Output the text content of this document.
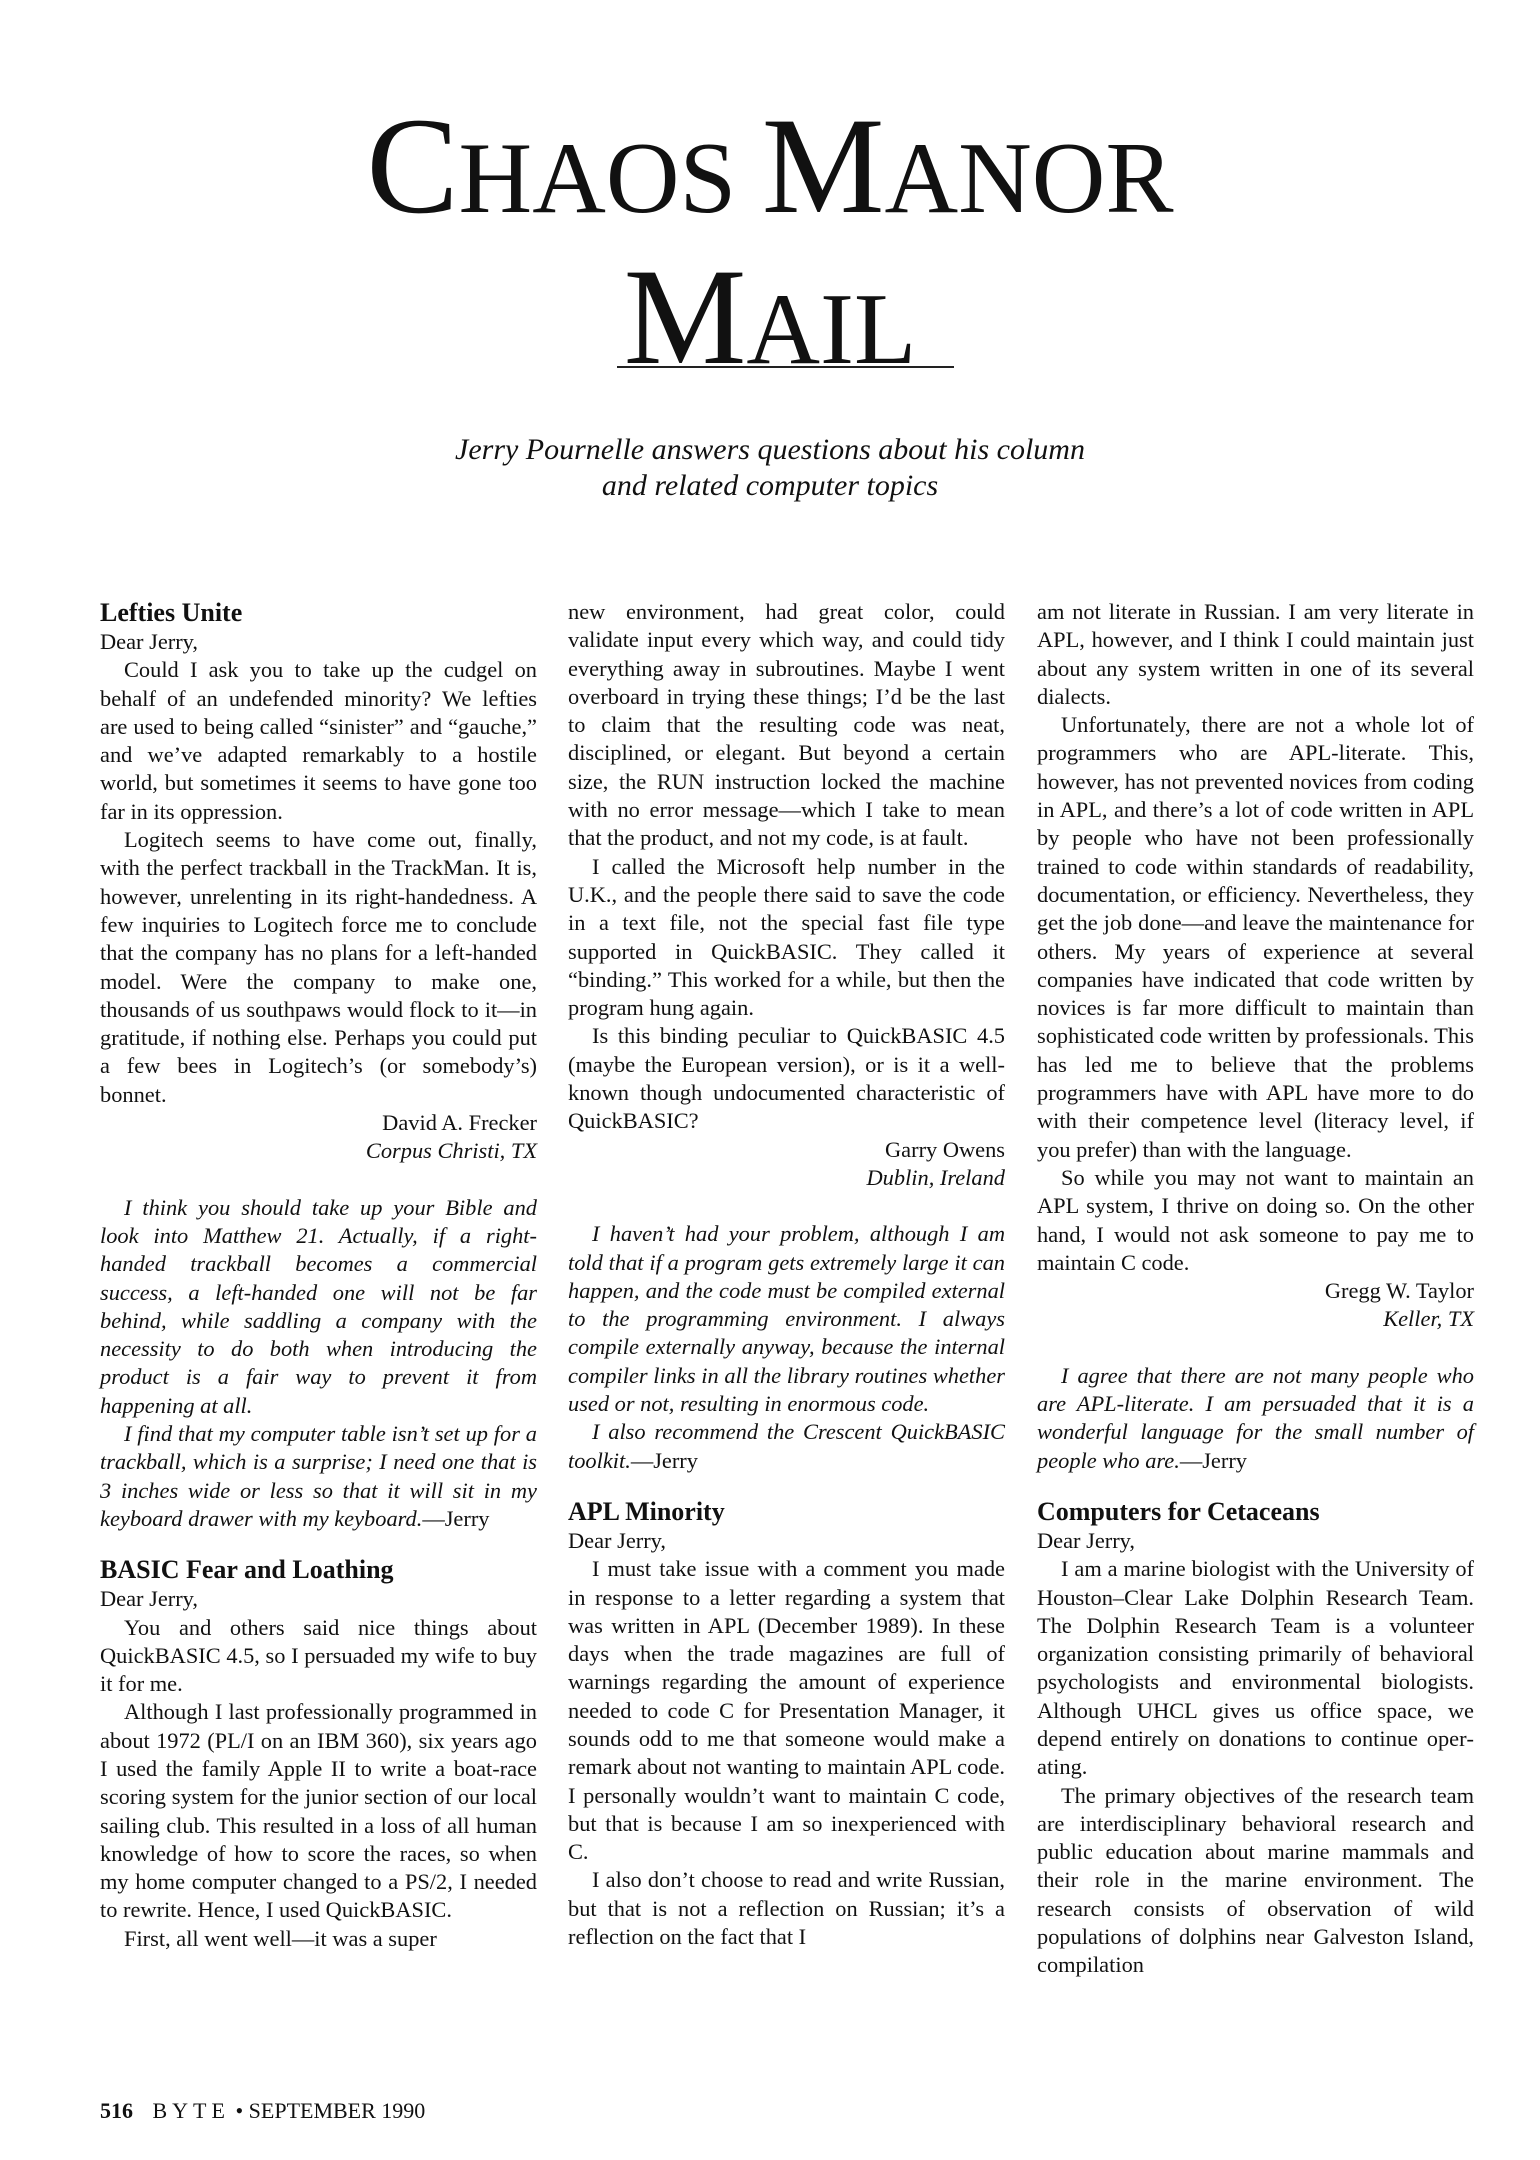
CHAOS MANOR
MAIL
Jerry Pournelle answers questions about his column
and related computer topics
Lefties Unite

Dear Jerry,

Could I ask you to take up the cudgel on behalf of an undefended minority? We lefties are used to being called “sinister” and “gauche,” and we’ve adapted remarkably to a hostile world, but sometimes it seems to have gone too far in its oppression.

Logitech seems to have come out, finally, with the perfect trackball in the TrackMan. It is, however, unrelenting in its right-handedness. A few inquiries to Logitech force me to conclude that the company has no plans for a left-handed model. Were the company to make one, thousands of us southpaws would flock to it—in gratitude, if nothing else. Perhaps you could put a few bees in Logitech’s (or somebody’s) bonnet.

David A. Frecker

Corpus Christi, TX

I think you should take up your Bible and look into Matthew 21. Actually, if a right-handed trackball becomes a commercial success, a left-handed one will not be far behind, while saddling a company with the necessity to do both when introducing the product is a fair way to prevent it from happening at all.

I find that my computer table isn’t set up for a trackball, which is a surprise; I need one that is 3 inches wide or less so that it will sit in my keyboard drawer with my keyboard.—Jerry

BASIC Fear and Loathing

Dear Jerry,

You and others said nice things about QuickBASIC 4.5, so I persuaded my wife to buy it for me.

Although I last professionally programmed in about 1972 (PL/I on an IBM 360), six years ago I used the family Apple II to write a boat-race scoring system for the junior section of our local sailing club. This resulted in a loss of all human knowledge of how to score the races, so when my home computer changed to a PS/2, I needed to rewrite. Hence, I used QuickBASIC.

First, all went well—it was a super

new environment, had great color, could validate input every which way, and could tidy everything away in subroutines. Maybe I went overboard in trying these things; I’d be the last to claim that the resulting code was neat, disciplined, or elegant. But beyond a certain size, the RUN instruction locked the machine with no error message—which I take to mean that the product, and not my code, is at fault.

I called the Microsoft help number in the U.K., and the people there said to save the code in a text file, not the special fast file type supported in QuickBASIC. They called it “binding.” This worked for a while, but then the program hung again.

Is this binding peculiar to QuickBASIC 4.5 (maybe the European version), or is it a well-known though undocumented characteristic of QuickBASIC?

Garry Owens

Dublin, Ireland

I haven’t had your problem, although I am told that if a program gets extremely large it can happen, and the code must be compiled external to the programming environment. I always compile externally anyway, because the internal compiler links in all the library routines whether used or not, resulting in enormous code.

I also recommend the Crescent QuickBASIC toolkit.—Jerry

APL Minority

Dear Jerry,

I must take issue with a comment you made in response to a letter regarding a system that was written in APL (December 1989). In these days when the trade magazines are full of warnings regarding the amount of experience needed to code C for Presentation Manager, it sounds odd to me that someone would make a remark about not wanting to maintain APL code. I personally wouldn’t want to maintain C code, but that is because I am so inexperienced with C.

I also don’t choose to read and write Russian, but that is not a reflection on Russian; it’s a reflection on the fact that I

am not literate in Russian. I am very literate in APL, however, and I think I could maintain just about any system written in one of its several dialects.

Unfortunately, there are not a whole lot of programmers who are APL-literate. This, however, has not prevented novices from coding in APL, and there’s a lot of code written in APL by people who have not been professionally trained to code within standards of readability, documentation, or efficiency. Nevertheless, they get the job done—and leave the maintenance for others. My years of experience at several companies have indicated that code written by novices is far more difficult to maintain than sophisticated code written by professionals. This has led me to believe that the problems programmers have with APL have more to do with their competence level (literacy level, if you prefer) than with the language.

So while you may not want to maintain an APL system, I thrive on doing so. On the other hand, I would not ask someone to pay me to maintain C code.

Gregg W. Taylor

Keller, TX

I agree that there are not many people who are APL-literate. I am persuaded that it is a wonderful language for the small number of people who are.—Jerry

Computers for Cetaceans

Dear Jerry,

I am a marine biologist with the University of Houston–Clear Lake Dolphin Research Team. The Dolphin Research Team is a volunteer organization consisting primarily of behavioral psychologists and environmental biologists. Although UHCL gives us office space, we depend entirely on donations to continue operating.

The primary objectives of the research team are interdisciplinary behavioral research and public education about marine mammals and their role in the marine environment. The research consists of observation of wild populations of dolphins near Galveston Island, compilation

516 BYTE • SEPTEMBER 1990
